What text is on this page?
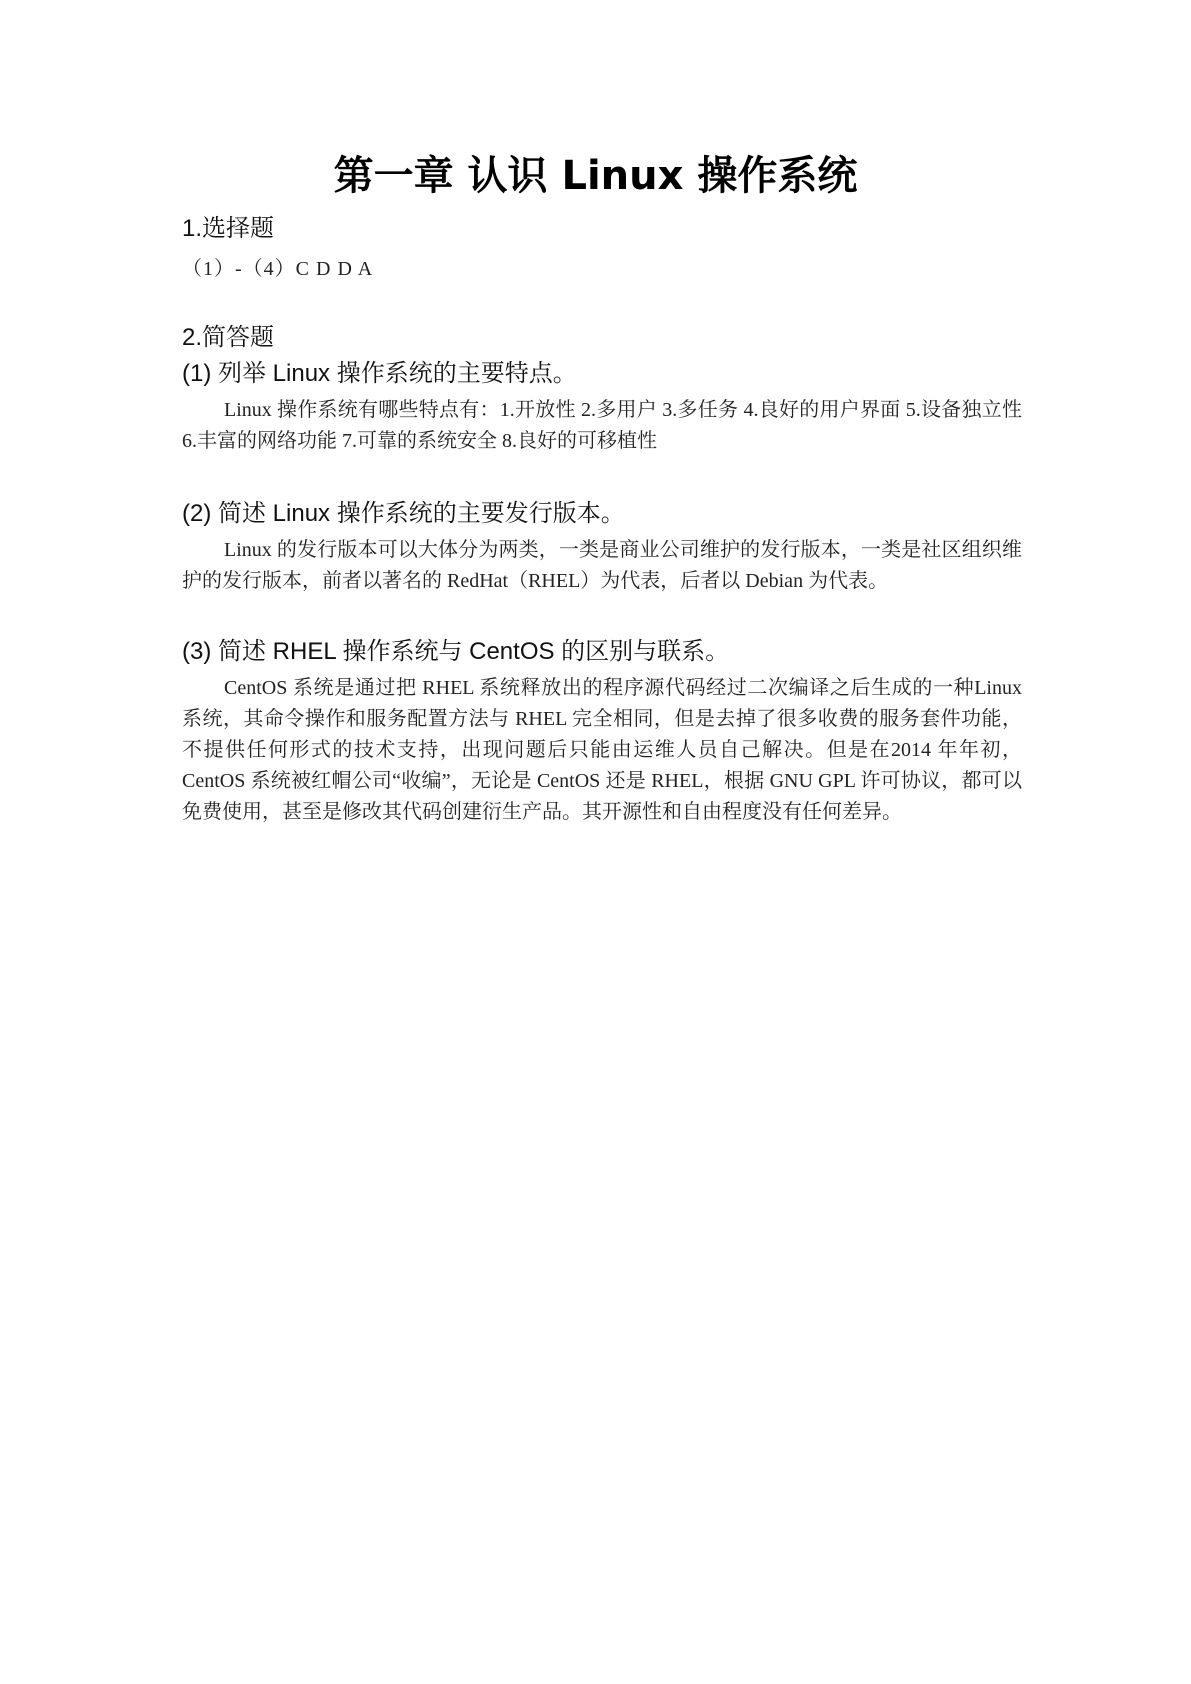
第一章 认识 Linux 操作系统
1.选择题

（1）-（4）C D D A

2.简答题
(1) 列举 Linux 操作系统的主要特点。

Linux 操作系统有哪些特点有：1.开放性 2.多用户 3.多任务 4.良好的用户界面 5.设备独立性 6.丰富的网络功能 7.可靠的系统安全 8.良好的可移植性

(2) 简述 Linux 操作系统的主要发行版本。

Linux 的发行版本可以大体分为两类，一类是商业公司维护的发行版本，一类是社区组织维护的发行版本，前者以著名的 RedHat（RHEL）为代表，后者以 Debian 为代表。

(3) 简述 RHEL 操作系统与 CentOS 的区别与联系。

CentOS 系统是通过把 RHEL 系统释放出的程序源代码经过二次编译之后生成的一种Linux 系统，其命令操作和服务配置方法与 RHEL 完全相同，但是去掉了很多收费的服务套件功能，不提供任何形式的技术支持，出现问题后只能由运维人员自己解决。但是在2014 年年初，CentOS 系统被红帽公司“收编”，无论是 CentOS 还是 RHEL，根据 GNU GPL 许可协议，都可以免费使用，甚至是修改其代码创建衍生产品。其开源性和自由程度没有任何差异。
